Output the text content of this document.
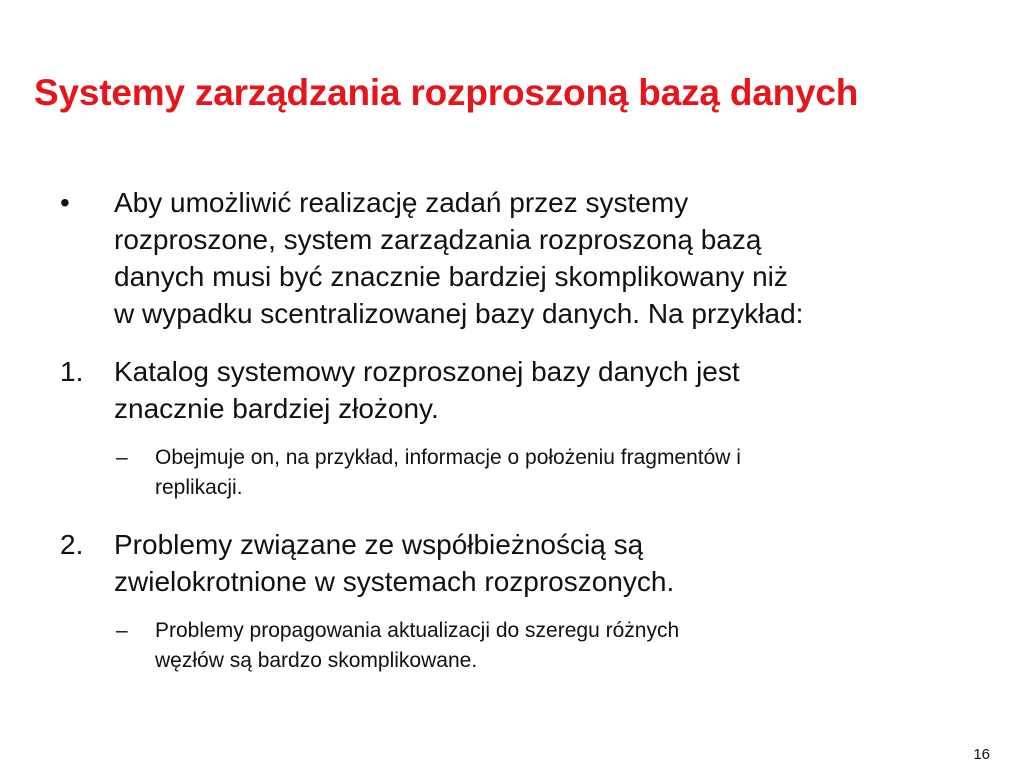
Systemy zarządzania rozproszoną bazą danych
• Aby umożliwić realizację zadań przez systemy
rozproszone, system zarządzania rozproszoną bazą
danych musi być znacznie bardziej skomplikowany niż
w wypadku scentralizowanej bazy danych. Na przykład:
1. Katalog systemowy rozproszonej bazy danych jest
znacznie bardziej złożony.
– Obejmuje on, na przykład, informacje o położeniu fragmentów i
replikacji.
2. Problemy związane ze współbieżnością są
zwielokrotnione w systemach rozproszonych.
– Problemy propagowania aktualizacji do szeregu różnych
węzłów są bardzo skomplikowane.
16
